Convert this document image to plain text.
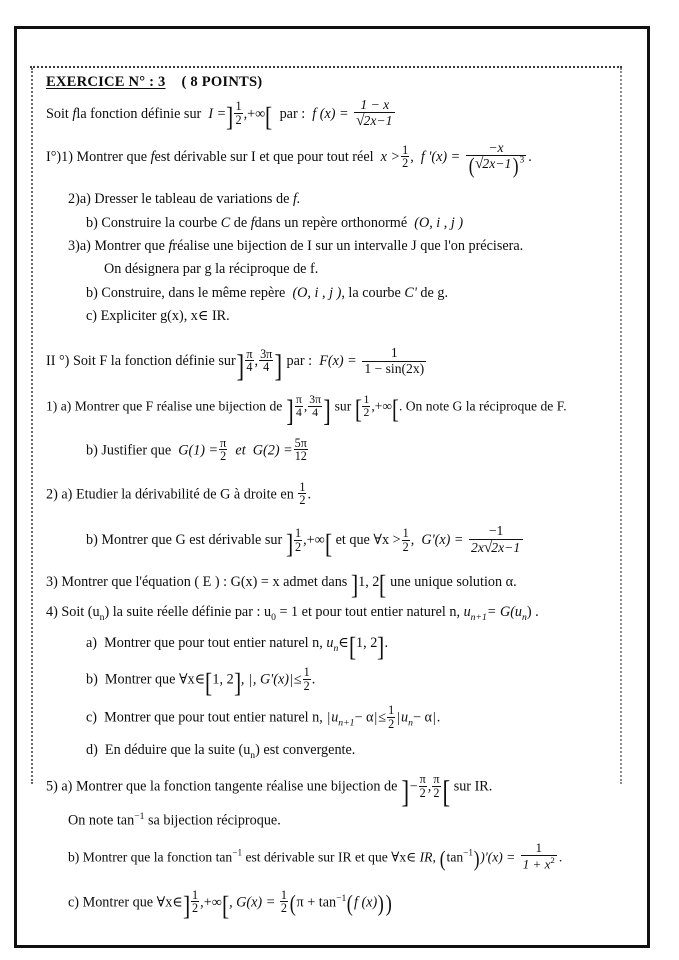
EXERCICE N° : 3 ( 8 POINTS)
Soit fla fonction définie sur I =] $\frac{1}{2}$ ,+∞[ par : f $(x) = \frac{1 - x}{√2x-1}$
I°)1) Montrer que fest dérivable sur I et que pour tout réel $x > \frac{1}{2}$ , f '$(x) = \frac{-x}{(√2x-1)^3}$ .
2)a) Dresser le tableau de variations de f.
b) Construire la courbe C de fdans un repère orthonormé (O, i , j )
3)a) Montrer que fréalise une bijection de I sur un intervalle J que l'on précisera.
On désignera par g la réciproque de f.
b) Construire, dans le même repère (O, i , j ), la courbe C' de g.
c) Expliciter g(x), x∈ IR.
II °) Soit F la fonction définie $sur] \frac{\pi}{4}$ , $\frac{3\pi}{4}$ ] par : $F(x) = \frac{1}{1 - \sin(2x)}$
1) a) Montrer que F réalise une bijection de ] $\frac{\pi}{4}$ , $\frac{3\pi}{4}$ ] sur [ $\frac{1}{2}$ ,+∞[. On note G la réciproque de F.
b) Justifier que $G(1) = \frac{\pi}{2}$ et $G(2) = \frac{5\pi}{12}$
2) a) Etudier la dérivabilité de G à droite en $\frac{1}{2}$ .
b) Montrer que G est dérivable sur ] $\frac{1}{2}$ ,+∞[ et que ∀x > $\frac{1}{2}$ , $G'(x) = \frac{-1}{2x√2x-1}$
3) Montrer que l'équation ( E ) : G(x) = x admet dans ]1, 2[ une unique solution α.
4) Soit $(u_n)$ la suite réelle définie par : $u_0 = 1$ et pour tout entier naturel n, $u_{n+1}= G(u_n)$ .
a) Montrer que pour tout entier naturel n, $u_n\in[1$, 2].
b) Montrer que ∀x∈[1, 2], |, $G'(x)|\le \frac{1}{2}$ .
c) Montrer que pour tout entier naturel n, $|u_{n+1}- \alpha|\le \frac{1}{2} |u_n- \alpha|$.
d) En déduire que la suite $(u_n)$ est convergente.
5) a) Montrer que la fonction tangente réalise une bijection de ]− $\frac{\pi}{2}$ , $\frac{\pi}{2}$ [ sur IR.
On note $\tan^{-1}$ sa bijection réciproque.
b) Montrer que la fonction $\tan^{-1}$ est dérivable sur IR et que ∀x∈ IR, $(\tan^{-1}))'(x) = \frac{1}{1 + x^2}$ .
c) Montrer que ∀x∈] $\frac{1}{2}$ ,+∞[, $G(x) = \frac{1}{2} (\pi + \tan^{-1}(f$ (x)))
